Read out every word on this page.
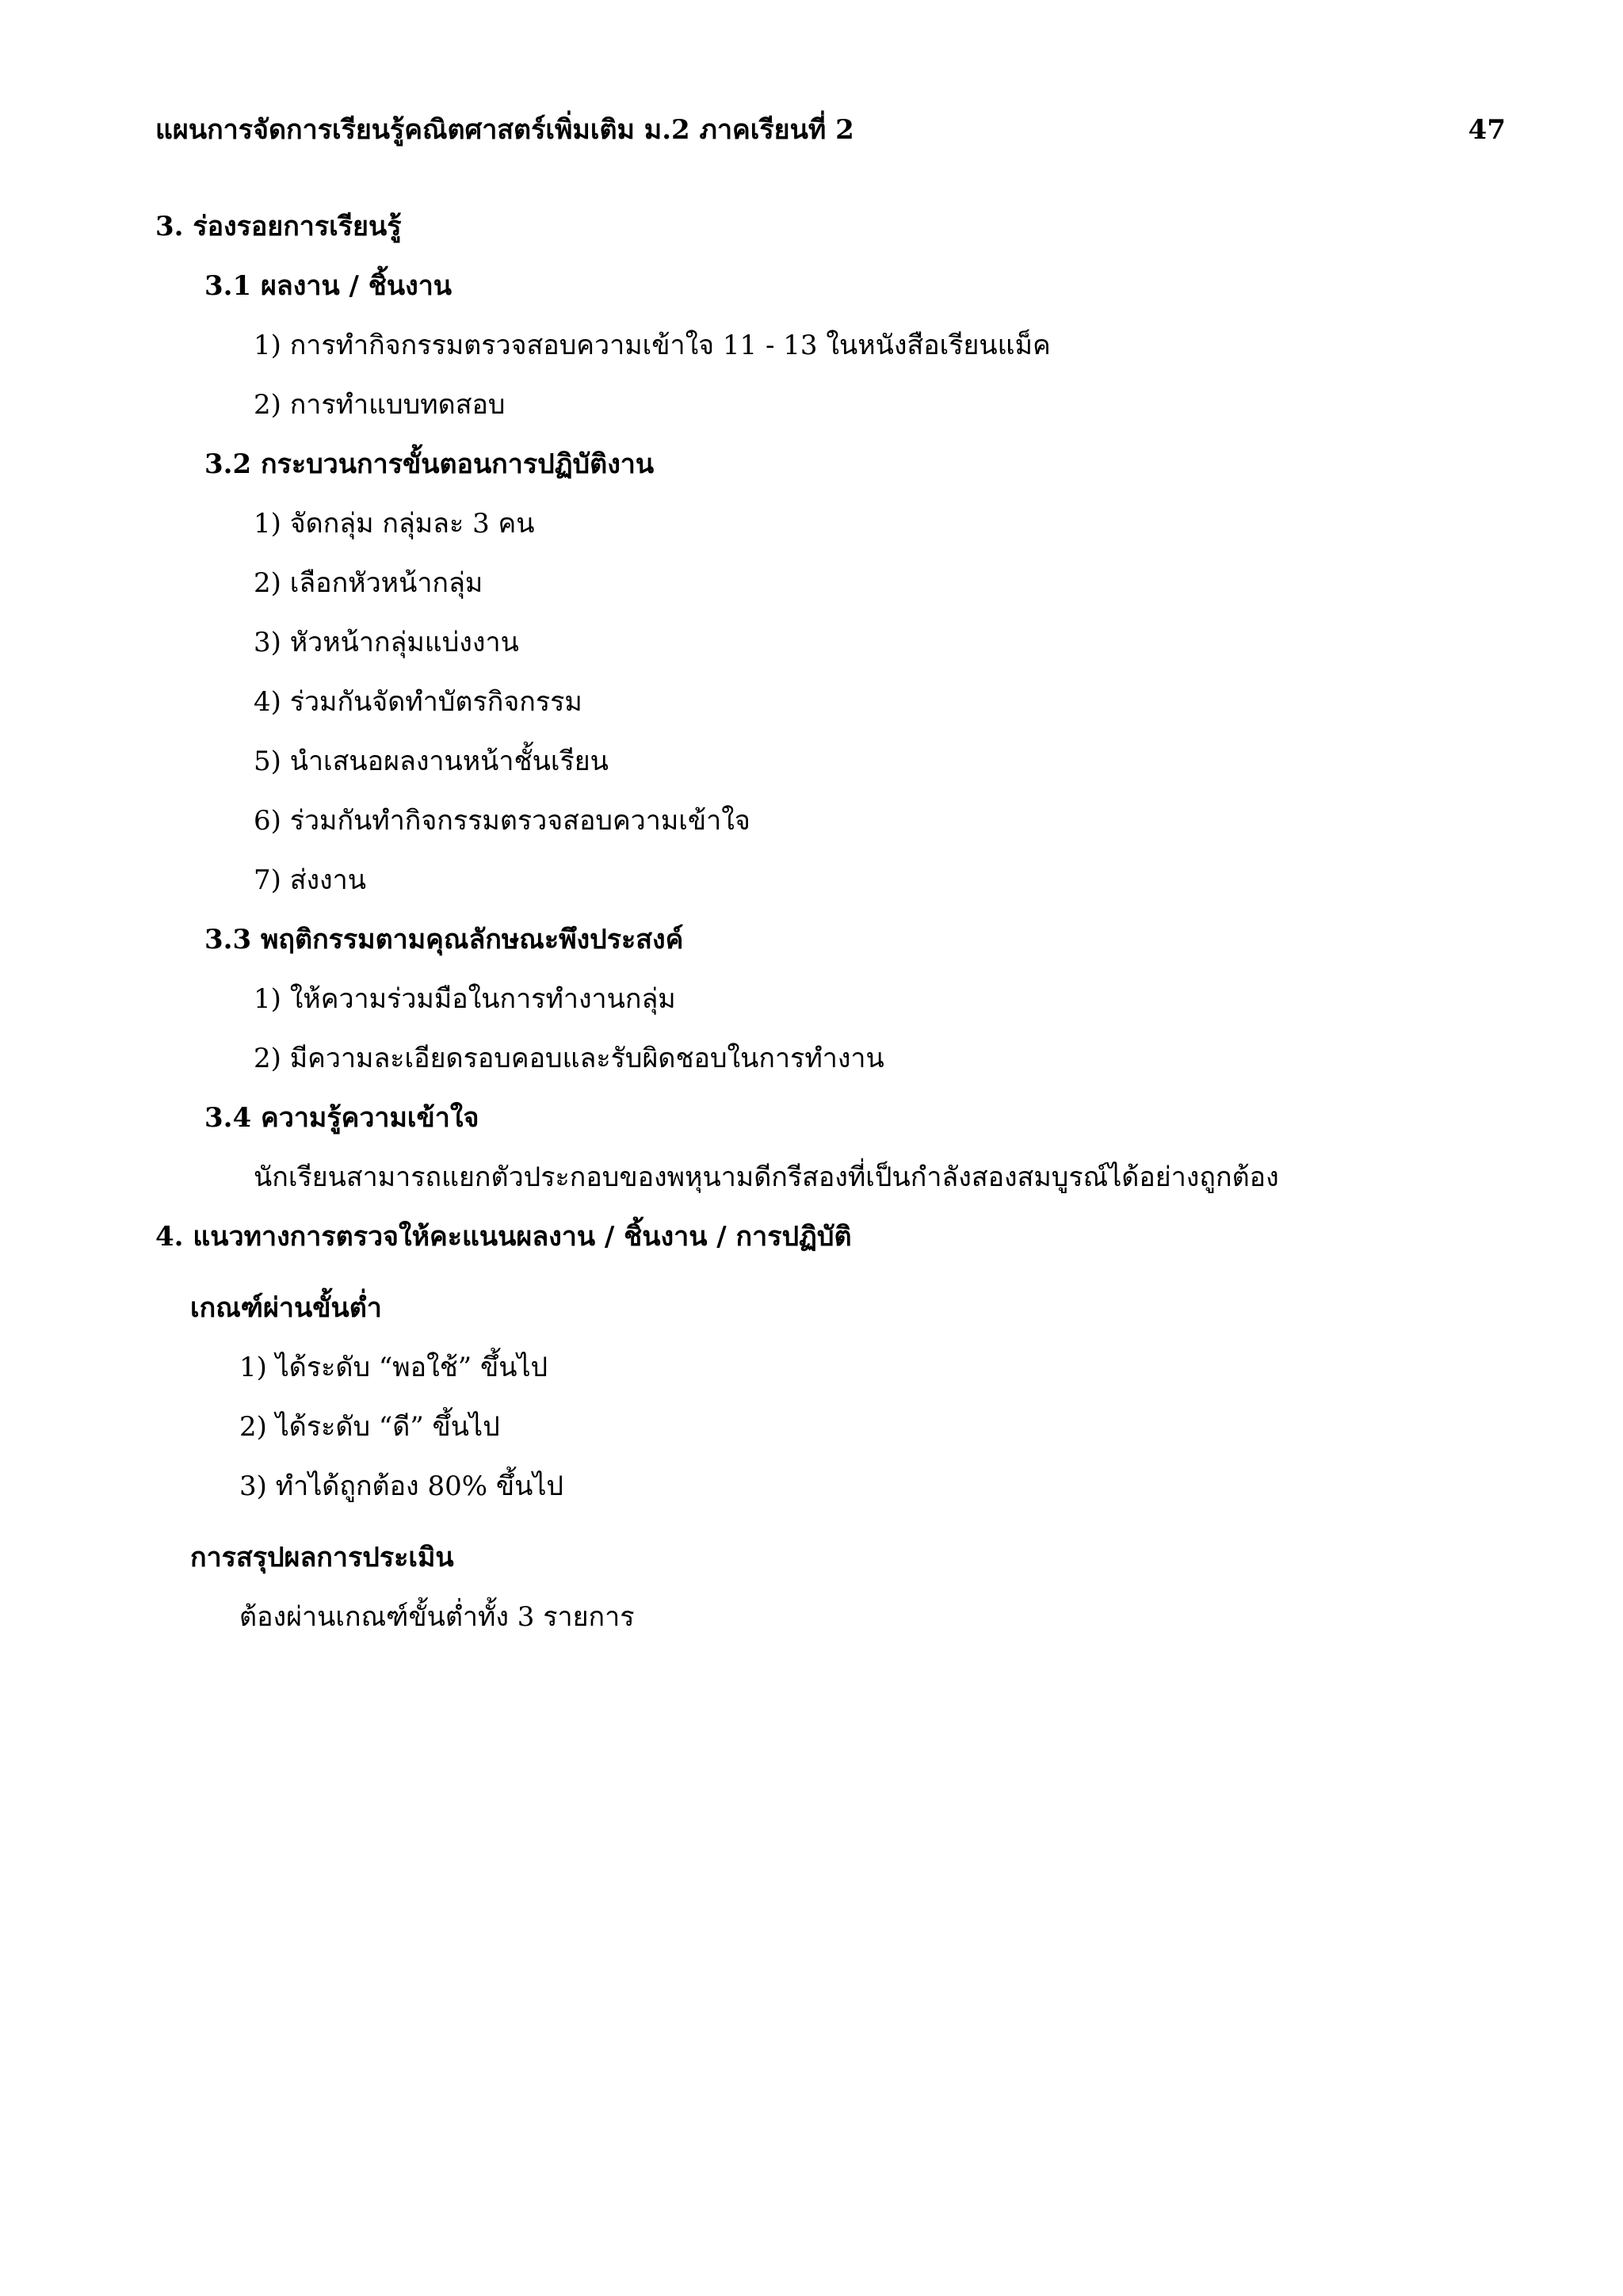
แผนการจัดการเรียนรู้คณิตศาสตร์เพิ่มเติม ม.2 ภาคเรียนที่ 2	47
3. ร่องรอยการเรียนรู้
3.1 ผลงาน / ชิ้นงาน
1) การทำกิจกรรมตรวจสอบความเข้าใจ 11 - 13 ในหนังสือเรียนแม็ค
2) การทำแบบทดสอบ
3.2 กระบวนการขั้นตอนการปฏิบัติงาน
1) จัดกลุ่ม กลุ่มละ 3 คน
2) เลือกหัวหน้ากลุ่ม
3) หัวหน้ากลุ่มแบ่งงาน
4) ร่วมกันจัดทำบัตรกิจกรรม
5) นำเสนอผลงานหน้าชั้นเรียน
6) ร่วมกันทำกิจกรรมตรวจสอบความเข้าใจ
7) ส่งงาน
3.3 พฤติกรรมตามคุณลักษณะพึงประสงค์
1) ให้ความร่วมมือในการทำงานกลุ่ม
2) มีความละเอียดรอบคอบและรับผิดชอบในการทำงาน
3.4 ความรู้ความเข้าใจ
นักเรียนสามารถแยกตัวประกอบของพหุนามดีกรีสองที่เป็นกำลังสองสมบูรณ์ได้อย่างถูกต้อง
4. แนวทางการตรวจให้คะแนนผลงาน / ชิ้นงาน / การปฏิบัติ
เกณฑ์ผ่านขั้นต่ำ
1) ได้ระดับ “พอใช้” ขึ้นไป
2) ได้ระดับ “ดี” ขึ้นไป
3) ทำได้ถูกต้อง 80% ขึ้นไป
การสรุปผลการประเมิน
ต้องผ่านเกณฑ์ขั้นต่ำทั้ง 3 รายการ
